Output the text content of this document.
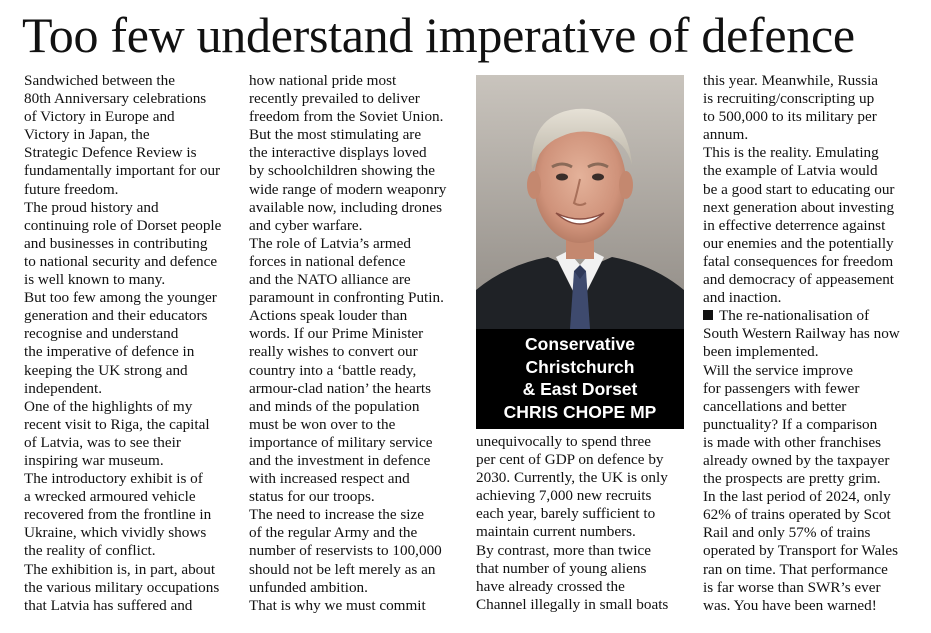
Too few understand imperative of defence

Sandwiched between the

80th Anniversary celebrations

of Victory in Europe and

Victory in Japan, the

Strategic Defence Review is

fundamentally important for our

future freedom.

The proud history and

continuing role of Dorset people

and businesses in contributing

to national security and defence

is well known to many.

But too few among the younger

generation and their educators

recognise and understand

the imperative of defence in

keeping the UK strong and

independent.

One of the highlights of my

recent visit to Riga, the capital

of Latvia, was to see their

inspiring war museum.

The introductory exhibit is of

a wrecked armoured vehicle

recovered from the frontline in

Ukraine, which vividly shows

the reality of conflict.

The exhibition is, in part, about

the various military occupations

that Latvia has suffered and

how national pride most

recently prevailed to deliver

freedom from the Soviet Union.

But the most stimulating are

the interactive displays loved

by schoolchildren showing the

wide range of modern weaponry

available now, including drones

and cyber warfare.

The role of Latvia’s armed

forces in national defence

and the NATO alliance are

paramount in confronting Putin.

Actions speak louder than

words. If our Prime Minister

really wishes to convert our

country into a ‘battle ready,

armour-clad nation’ the hearts

and minds of the population

must be won over to the

importance of military service

and the investment in defence

with increased respect and

status for our troops.

The need to increase the size

of the regular Army and the

number of reservists to 100,000

should not be left merely as an

unfunded ambition.

That is why we must commit

Conservative
Christchurch
& East Dorset
CHRIS CHOPE MP

unequivocally to spend three

per cent of GDP on defence by

2030. Currently, the UK is only

achieving 7,000 new recruits

each year, barely sufficient to

maintain current numbers.

By contrast, more than twice

that number of young aliens

have already crossed the

Channel illegally in small boats

this year. Meanwhile, Russia

is recruiting/conscripting up

to 500,000 to its military per

annum.

This is the reality. Emulating

the example of Latvia would

be a good start to educating our

next generation about investing

in effective deterrence against

our enemies and the potentially

fatal consequences for freedom

and democracy of appeasement

and inaction.

The re-nationalisation of

South Western Railway has now

been implemented.

Will the service improve

for passengers with fewer

cancellations and better

punctuality? If a comparison

is made with other franchises

already owned by the taxpayer

the prospects are pretty grim.

In the last period of 2024, only

62% of trains operated by Scot

Rail and only 57% of trains

operated by Transport for Wales

ran on time. That performance

is far worse than SWR’s ever

was. You have been warned!
